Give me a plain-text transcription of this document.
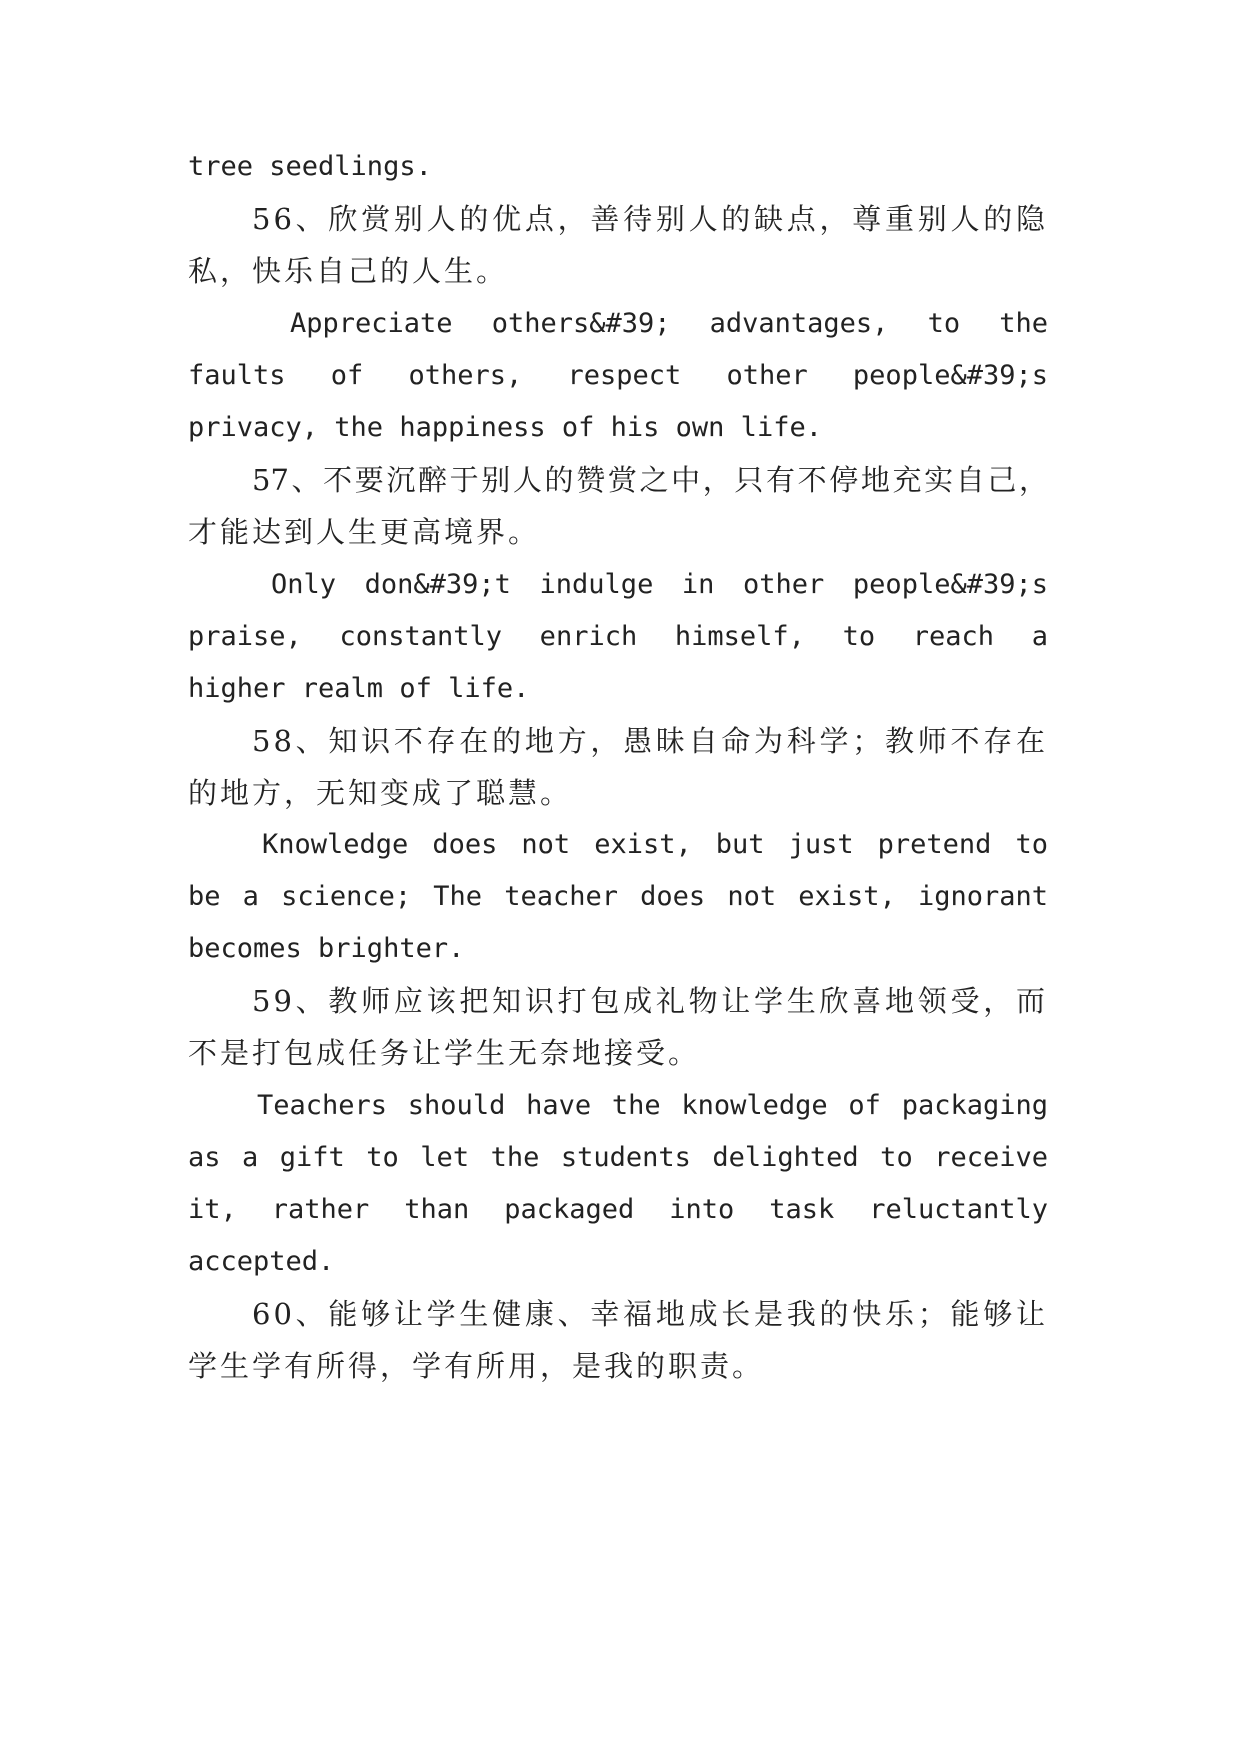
tree seedlings.
56、欣赏别人的优点，善待别人的缺点，尊重别人的隐
私，快乐自己的人生。
Appreciate others&#39; advantages, to the
faults of others, respect other people&#39;s
privacy, the happiness of his own life.
57、不要沉醉于别人的赞赏之中，只有不停地充实自己，
才能达到人生更高境界。
Only don&#39;t indulge in other people&#39;s
praise, constantly enrich himself, to reach a
higher realm of life.
58、知识不存在的地方，愚昧自命为科学；教师不存在
的地方，无知变成了聪慧。
Knowledge does not exist, but just pretend to
be a science; The teacher does not exist, ignorant
becomes brighter.
59、教师应该把知识打包成礼物让学生欣喜地领受，而
不是打包成任务让学生无奈地接受。
Teachers should have the knowledge of packaging
as a gift to let the students delighted to receive
it, rather than packaged into task reluctantly
accepted.
60、能够让学生健康、幸福地成长是我的快乐；能够让
学生学有所得，学有所用，是我的职责。
